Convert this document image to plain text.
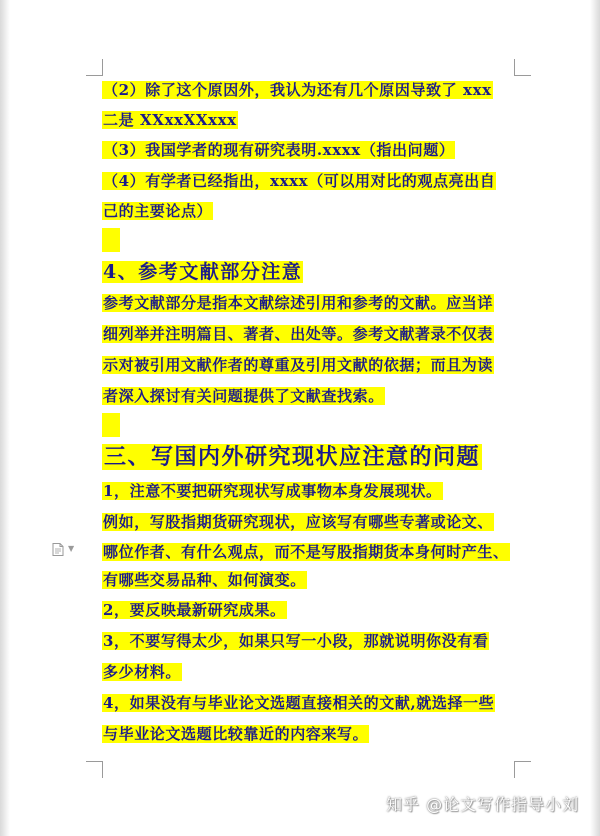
（2）除了这个原因外，我认为还有几个原因导致了 xxx
二是 XXxxXXxxx
（3）我国学者的现有研究表明.xxxx（指出问题）
（4）有学者已经指出，xxxx（可以用对比的观点亮出自
己的主要论点）
4、参考文献部分注意
参考文献部分是指本文献综述引用和参考的文献。应当详
细列举并注明篇目、著者、出处等。参考文献著录不仅表
示对被引用文献作者的尊重及引用文献的依据；而且为读
者深入探讨有关问题提供了文献查找索。
三、写国内外研究现状应注意的问题
1，注意不要把研究现状写成事物本身发展现状。
例如，写股指期货研究现状，应该写有哪些专著或论文、
哪位作者、有什么观点，而不是写股指期货本身何时产生、
有哪些交易品种、如何演变。
2，要反映最新研究成果。
3，不要写得太少，如果只写一小段，那就说明你没有看
多少材料。
4，如果没有与毕业论文选题直接相关的文献,就选择一些
与毕业论文选题比较靠近的内容来写。
▼
知乎 @论文写作指导小刘
